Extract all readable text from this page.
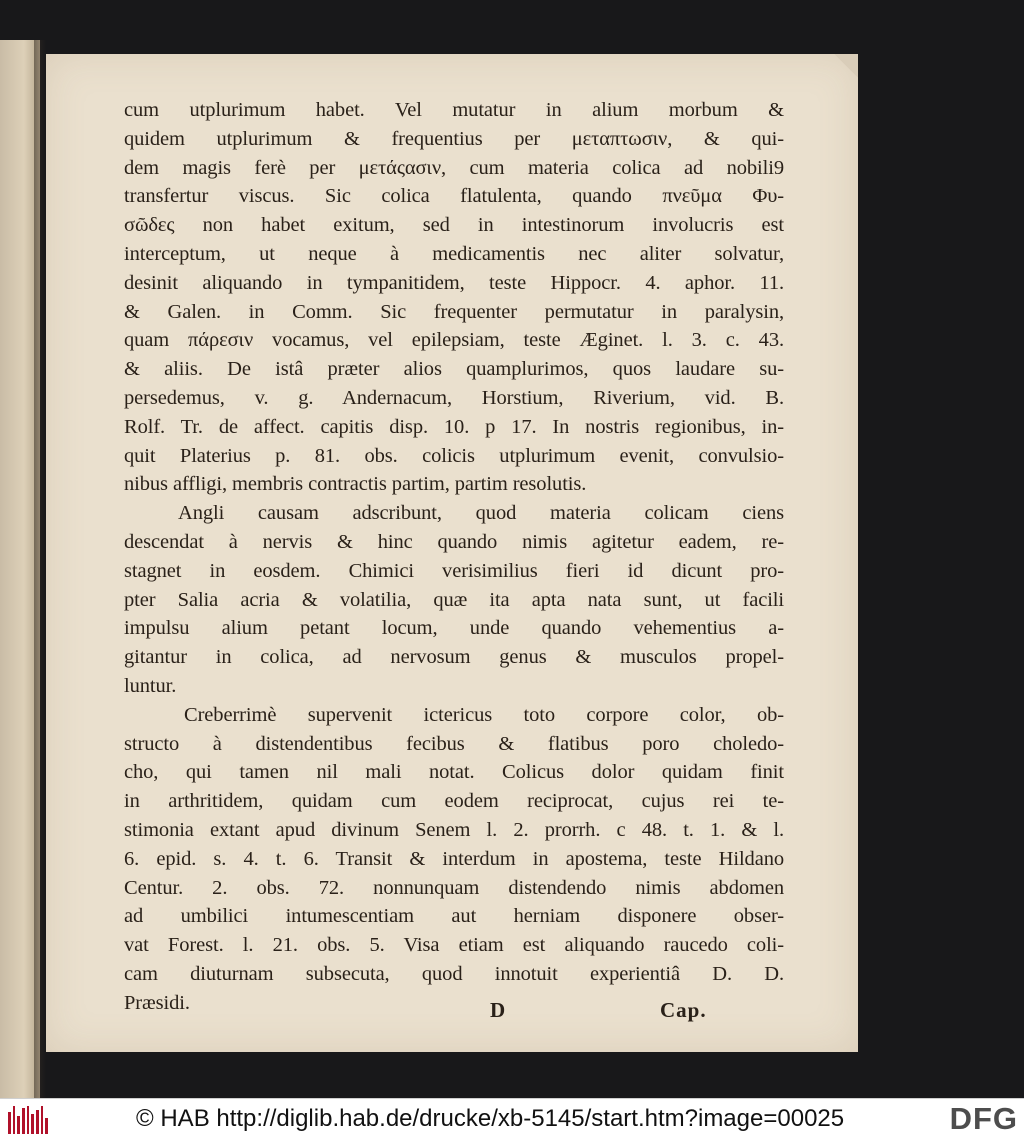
cum utplurimum habet. Vel mutatur in alium morbum &
quidem utplurimum & frequentius per μεταπτωσιν, & qui-
dem magis ferè per μετάςασιν, cum materia colica ad nobili9
transfertur viscus. Sic colica flatulenta, quando πνεῦμα Φυ-
σῶδες non habet exitum, sed in intestinorum involucris est
interceptum, ut neque à medicamentis nec aliter solvatur,
desinit aliquando in tympanitidem, teste Hippocr. 4. aphor. 11.
& Galen. in Comm. Sic frequenter permutatur in paralysin,
quam πάρεσιν vocamus, vel epilepsiam, teste Æginet. l. 3. c. 43.
& aliis. De istâ præter alios quamplurimos, quos laudare su-
persedemus, v. g. Andernacum, Horstium, Riverium, vid. B.
Rolf. Tr. de affect. capitis disp. 10. p 17. In nostris regionibus, in-
quit Platerius p. 81. obs. colicis utplurimum evenit, convulsio-
nibus affligi, membris contractis partim, partim resolutis.
Angli causam adscribunt, quod materia colicam ciens
descendat à nervis & hinc quando nimis agitetur eadem, re-
stagnet in eosdem. Chimici verisimilius fieri id dicunt pro-
pter Salia acria & volatilia, quæ ita apta nata sunt, ut facili
impulsu alium petant locum, unde quando vehementius a-
gitantur in colica, ad nervosum genus & musculos propel-
luntur.
Creberrimè supervenit ictericus toto corpore color, ob-
structo à distendentibus fecibus & flatibus poro choledo-
cho, qui tamen nil mali notat. Colicus dolor quidam finit
in arthritidem, quidam cum eodem reciprocat, cujus rei te-
stimonia extant apud divinum Senem l. 2. prorrh. c 48. t. 1. & l.
6. epid. s. 4. t. 6. Transit & interdum in apostema, teste Hildano
Centur. 2. obs. 72. nonnunquam distendendo nimis abdomen
ad umbilici intumescentiam aut herniam disponere obser-
vat Forest. l. 21. obs. 5. Visa etiam est aliquando raucedo coli-
cam diuturnam subsecuta, quod innotuit experientiâ D. D.
Præsidi.	D	Cap.
© HAB http://diglib.hab.de/drucke/xb-5145/start.htm?image=00025	DFG
